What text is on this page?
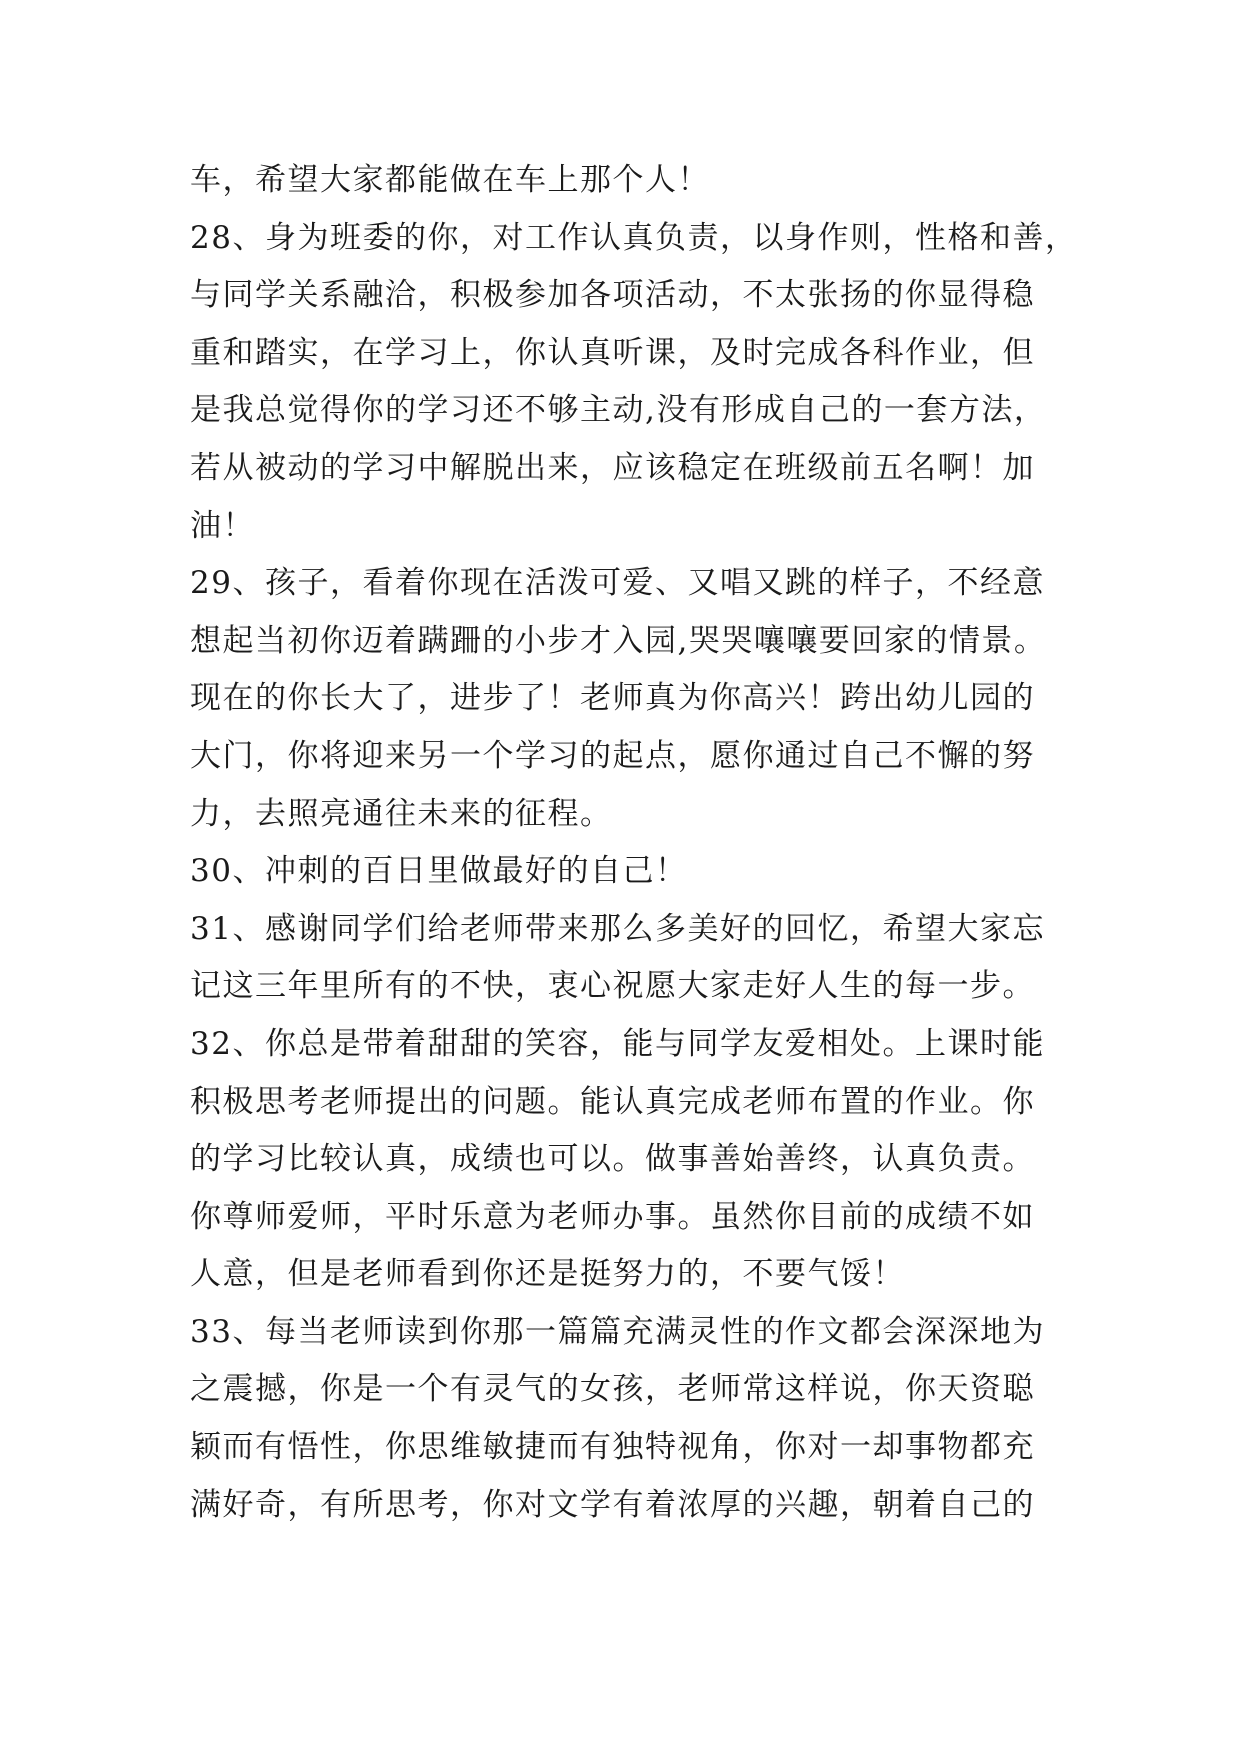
车，希望大家都能做在车上那个人！
28、身为班委的你，对工作认真负责，以身作则，性格和善，
与同学关系融洽，积极参加各项活动，不太张扬的你显得稳
重和踏实，在学习上，你认真听课，及时完成各科作业，但
是我总觉得你的学习还不够主动,没有形成自己的一套方法，
若从被动的学习中解脱出来，应该稳定在班级前五名啊！加
油！
29、孩子，看着你现在活泼可爱、又唱又跳的样子，不经意
想起当初你迈着蹒跚的小步才入园,哭哭嚷嚷要回家的情景。
现在的你长大了，进步了！老师真为你高兴！跨出幼儿园的
大门，你将迎来另一个学习的起点，愿你通过自己不懈的努
力，去照亮通往未来的征程。
30、冲刺的百日里做最好的自己！
31、感谢同学们给老师带来那么多美好的回忆，希望大家忘
记这三年里所有的不快，衷心祝愿大家走好人生的每一步。
32、你总是带着甜甜的笑容，能与同学友爱相处。上课时能
积极思考老师提出的问题。能认真完成老师布置的作业。你
的学习比较认真，成绩也可以。做事善始善终，认真负责。
你尊师爱师，平时乐意为老师办事。虽然你目前的成绩不如
人意，但是老师看到你还是挺努力的，不要气馁！
33、每当老师读到你那一篇篇充满灵性的作文都会深深地为
之震撼，你是一个有灵气的女孩，老师常这样说，你天资聪
颖而有悟性，你思维敏捷而有独特视角，你对一却事物都充
满好奇，有所思考，你对文学有着浓厚的兴趣，朝着自己的
